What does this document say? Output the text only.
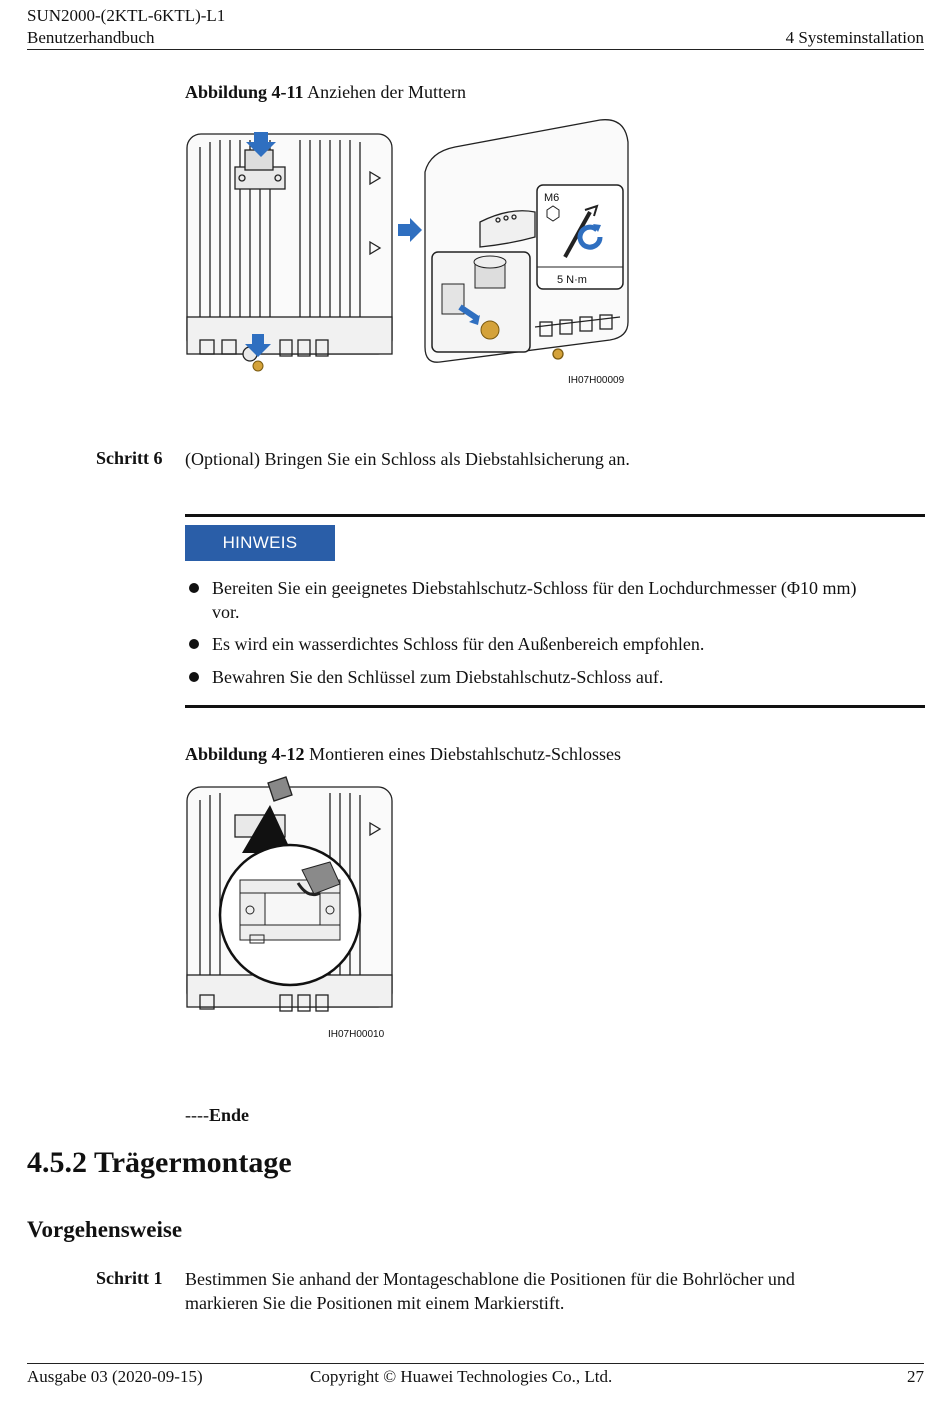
SUN2000-(2KTL-6KTL)-L1
Benutzerhandbuch	4 Systeminstallation
Abbildung 4-11 Anziehen der Muttern
M6
5 N·m
IH07H00009
Schritt 6 (Optional) Bringen Sie ein Schloss als Diebstahlsicherung an.
HINWEIS
Bereiten Sie ein geeignetes Diebstahlschutz-Schloss für den Lochdurchmesser (Φ10 mm)
vor.
Es wird ein wasserdichtes Schloss für den Außenbereich empfohlen.
Bewahren Sie den Schlüssel zum Diebstahlschutz-Schloss auf.
Abbildung 4-12 Montieren eines Diebstahlschutz-Schlosses
IH07H00010
----Ende
4.5.2 Trägermontage
Vorgehensweise
Schritt 1 Bestimmen Sie anhand der Montageschablone die Positionen für die Bohrlöcher und
markieren Sie die Positionen mit einem Markierstift.
Ausgabe 03 (2020-09-15)	Copyright © Huawei Technologies Co., Ltd.	27
